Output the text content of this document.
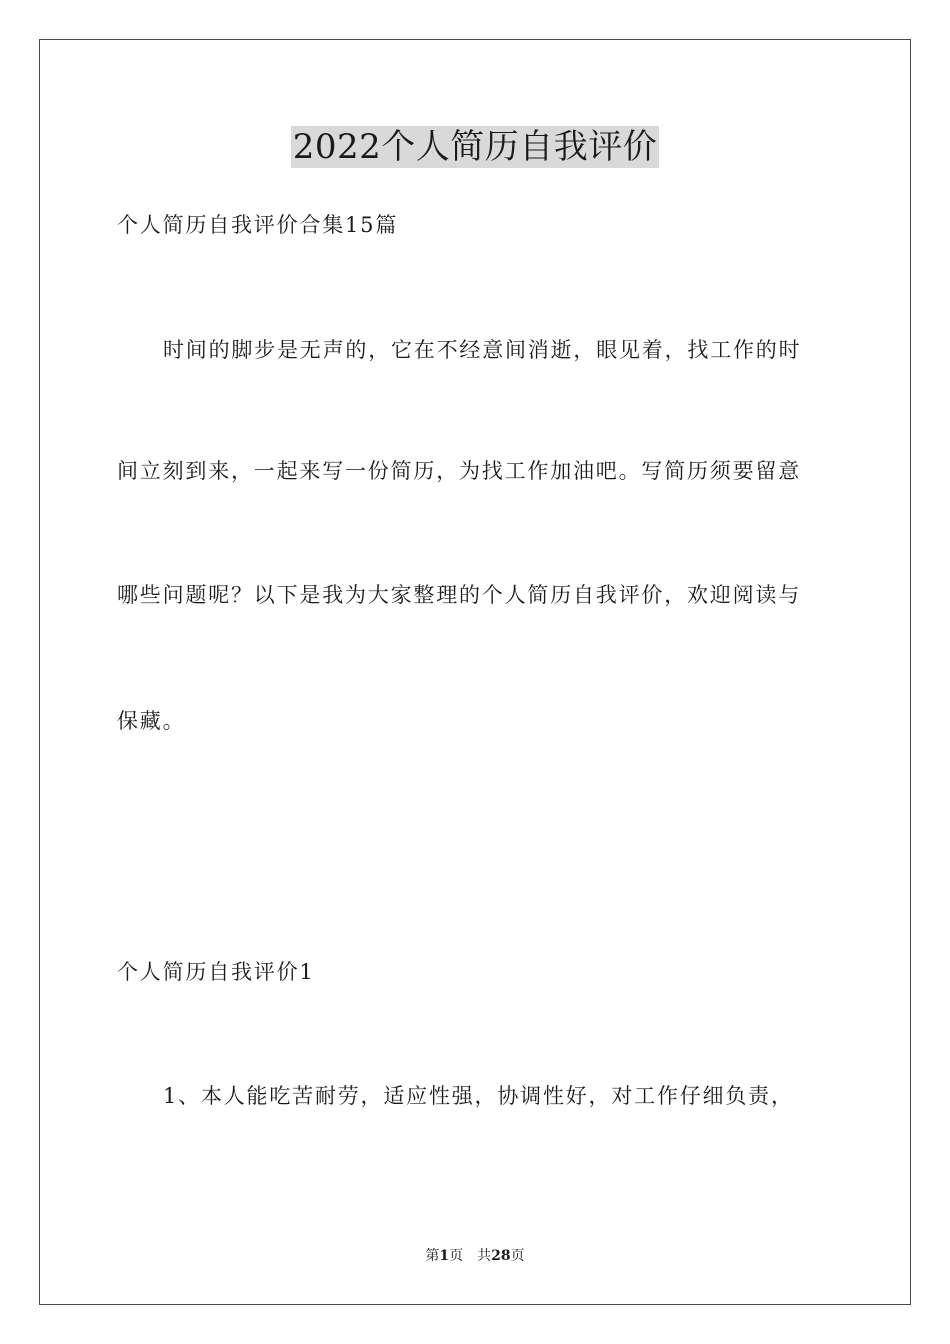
2022个人简历自我评价
个人简历自我评价合集15篇
时间的脚步是无声的，它在不经意间消逝，眼见着，找工作的时
间立刻到来，一起来写一份简历，为找工作加油吧。写简历须要留意
哪些问题呢？以下是我为大家整理的个人简历自我评价，欢迎阅读与
保藏。
个人简历自我评价1
1、本人能吃苦耐劳，适应性强，协调性好，对工作仔细负责，
第1页 共28页
